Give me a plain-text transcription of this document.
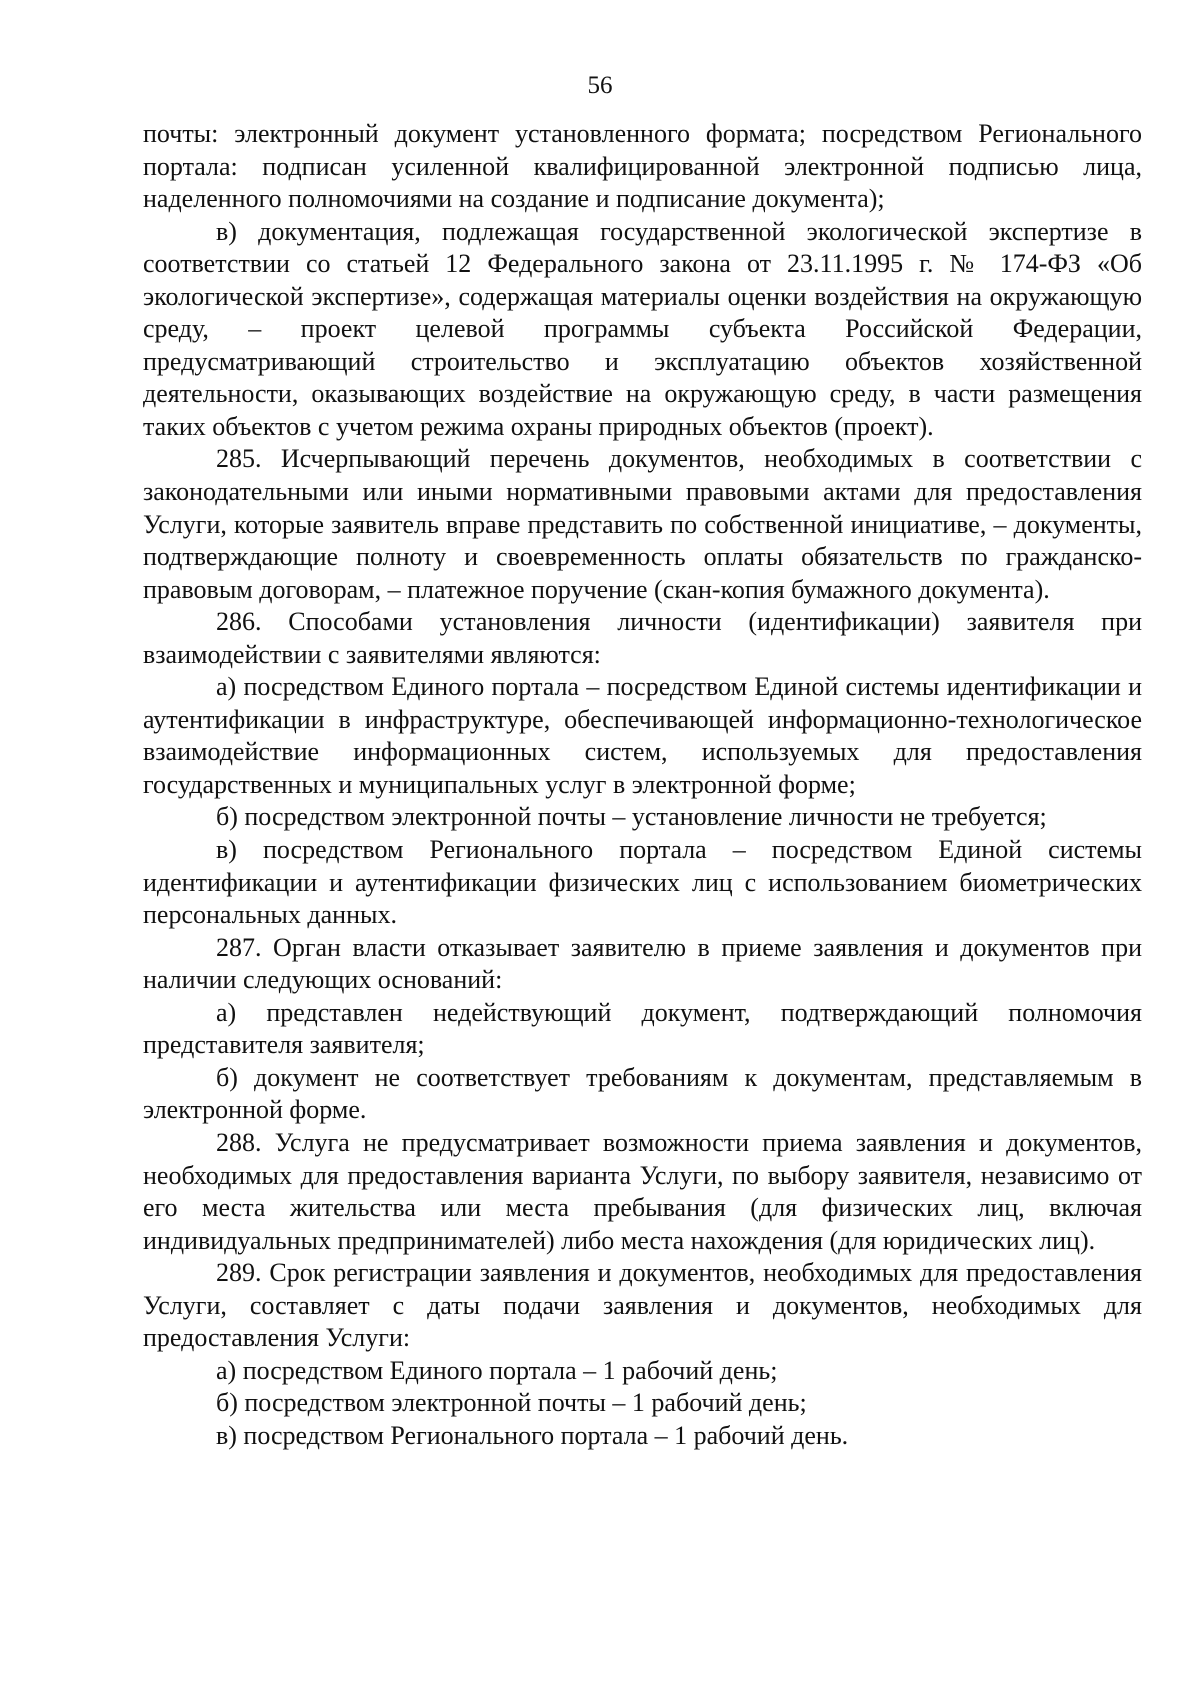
56

почты: электронный документ установленного формата; посредством Регионального портала: подписан усиленной квалифицированной электронной подписью лица, наделенного полномочиями на создание и подписание документа);

в) документация, подлежащая государственной экологической экспертизе в соответствии со статьей 12 Федерального закона от 23.11.1995 г. № 174-ФЗ «Об экологической экспертизе», содержащая материалы оценки воздействия на окружающую среду, – проект целевой программы субъекта Российской Федерации, предусматривающий строительство и эксплуатацию объектов хозяйственной деятельности, оказывающих воздействие на окружающую среду, в части размещения таких объектов с учетом режима охраны природных объектов (проект).

285. Исчерпывающий перечень документов, необходимых в соответствии с законодательными или иными нормативными правовыми актами для предоставления Услуги, которые заявитель вправе представить по собственной инициативе, – документы, подтверждающие полноту и своевременность оплаты обязательств по гражданско-правовым договорам, – платежное поручение (скан-копия бумажного документа).

286. Способами установления личности (идентификации) заявителя при взаимодействии с заявителями являются:

а) посредством Единого портала – посредством Единой системы идентификации и аутентификации в инфраструктуре, обеспечивающей информационно-технологическое взаимодействие информационных систем, используемых для предоставления государственных и муниципальных услуг в электронной форме;

б) посредством электронной почты – установление личности не требуется;

в) посредством Регионального портала – посредством Единой системы идентификации и аутентификации физических лиц с использованием биометрических персональных данных.

287. Орган власти отказывает заявителю в приеме заявления и документов при наличии следующих оснований:

а) представлен недействующий документ, подтверждающий полномочия представителя заявителя;

б) документ не соответствует требованиям к документам, представляемым в электронной форме.

288. Услуга не предусматривает возможности приема заявления и документов, необходимых для предоставления варианта Услуги, по выбору заявителя, независимо от его места жительства или места пребывания (для физических лиц, включая индивидуальных предпринимателей) либо места нахождения (для юридических лиц).

289. Срок регистрации заявления и документов, необходимых для предоставления Услуги, составляет с даты подачи заявления и документов, необходимых для предоставления Услуги:

а) посредством Единого портала – 1 рабочий день;

б) посредством электронной почты – 1 рабочий день;

в) посредством Регионального портала – 1 рабочий день.
